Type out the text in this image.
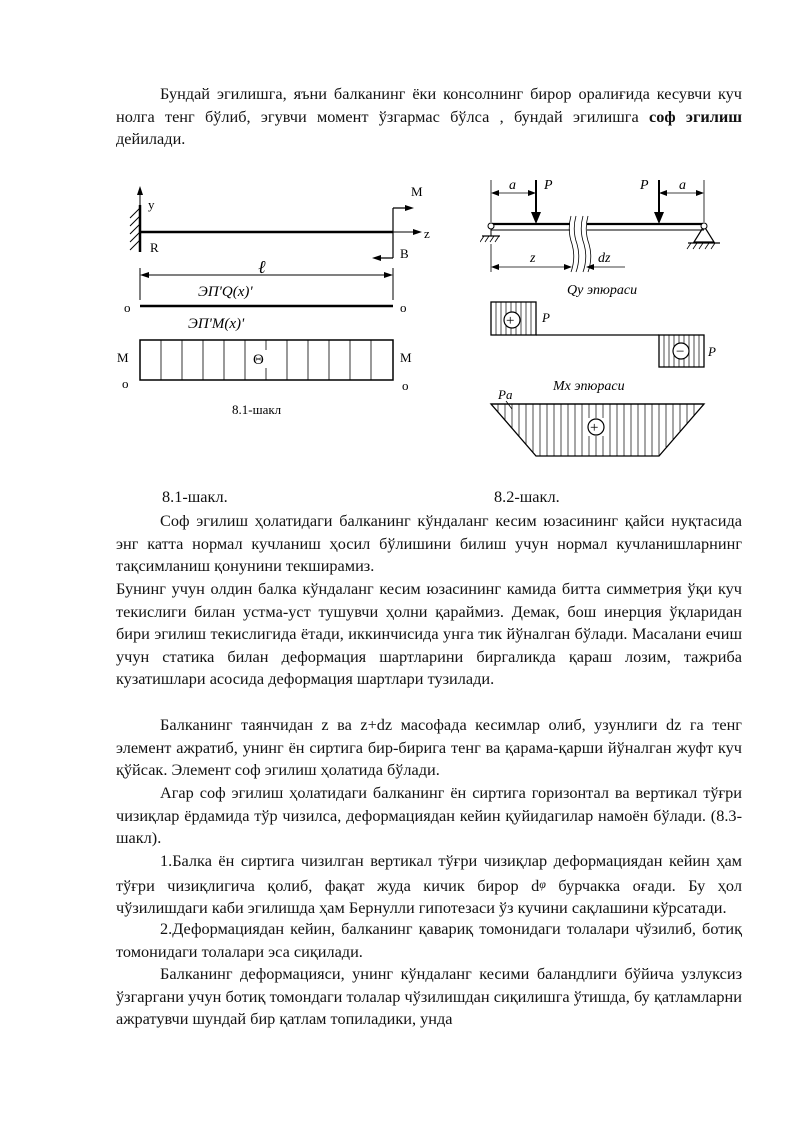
Бундай эгилишга, яъни балканинг ёки консолнинг бирор оралиғида кесувчи куч нолга тенг бўлиб, эгувчи момент ўзгармас бўлса , бундай эгилишга соф эгилиш дейилади.

y
M
z
R	B
ℓ
ЭП'Q(x)'
o	o
ЭП'M(x)'
Θ
M
o
M
o
8.1-шакл
a P	P a
z	dz
Qy эпюраси
+ P
− P
Mx эпюраси
+
Pa
8.1-шакл.	8.2-шакл.

Соф эгилиш ҳолатидаги балканинг кўндаланг кесим юзасининг қайси нуқтасида энг катта нормал кучланиш ҳосил бўлишини билиш учун нормал кучланишларнинг тақсимланиш қонунини текширамиз.

Бунинг учун олдин балка кўндаланг кесим юзасининг камида битта симметрия ўқи куч текислиги билан устма-уст тушувчи ҳолни қараймиз. Демак, бош инерция ўқларидан бири эгилиш текислигида ётади, иккинчисида унга тик йўналган бўлади. Масалани ечиш учун статика билан деформация шартларини биргаликда қараш лозим, тажриба кузатишлари асосида деформация шартлари тузилади.

Балканинг таянчидан z ва z+dz масофада кесимлар олиб, узунлиги dz га тенг элемент ажратиб, унинг ён сиртига бир-бирига тенг ва қарама-қарши йўналган жуфт куч қўйсак. Элемент соф эгилиш ҳолатида бўлади.

Агар соф эгилиш ҳолатидаги балканинг ён сиртига горизонтал ва вертикал тўғри чизиқлар ёрдамида тўр чизилса, деформациядан кейин қуйидагилар намоён бўлади. (8.3-шакл).

1.Балка ён сиртига чизилган вертикал тўғри чизиқлар деформациядан кейин ҳам тўғри чизиқлигича қолиб, фақат жуда кичик бирор dφ бурчакка оғади. Бу ҳол чўзилишдаги каби эгилишда ҳам Бернулли гипотезаси ўз кучини сақлашини кўрсатади.

2.Деформациядан кейин, балканинг қавариқ томонидаги толалари чўзилиб, ботиқ томонидаги толалари эса сиқилади.

Балканинг деформацияси, унинг кўндаланг кесими баландлиги бўйича узлуксиз ўзгаргани учун ботиқ томондаги толалар чўзилишдан сиқилишга ўтишда, бу қатламларни ажратувчи шундай бир қатлам топиладики, унда
